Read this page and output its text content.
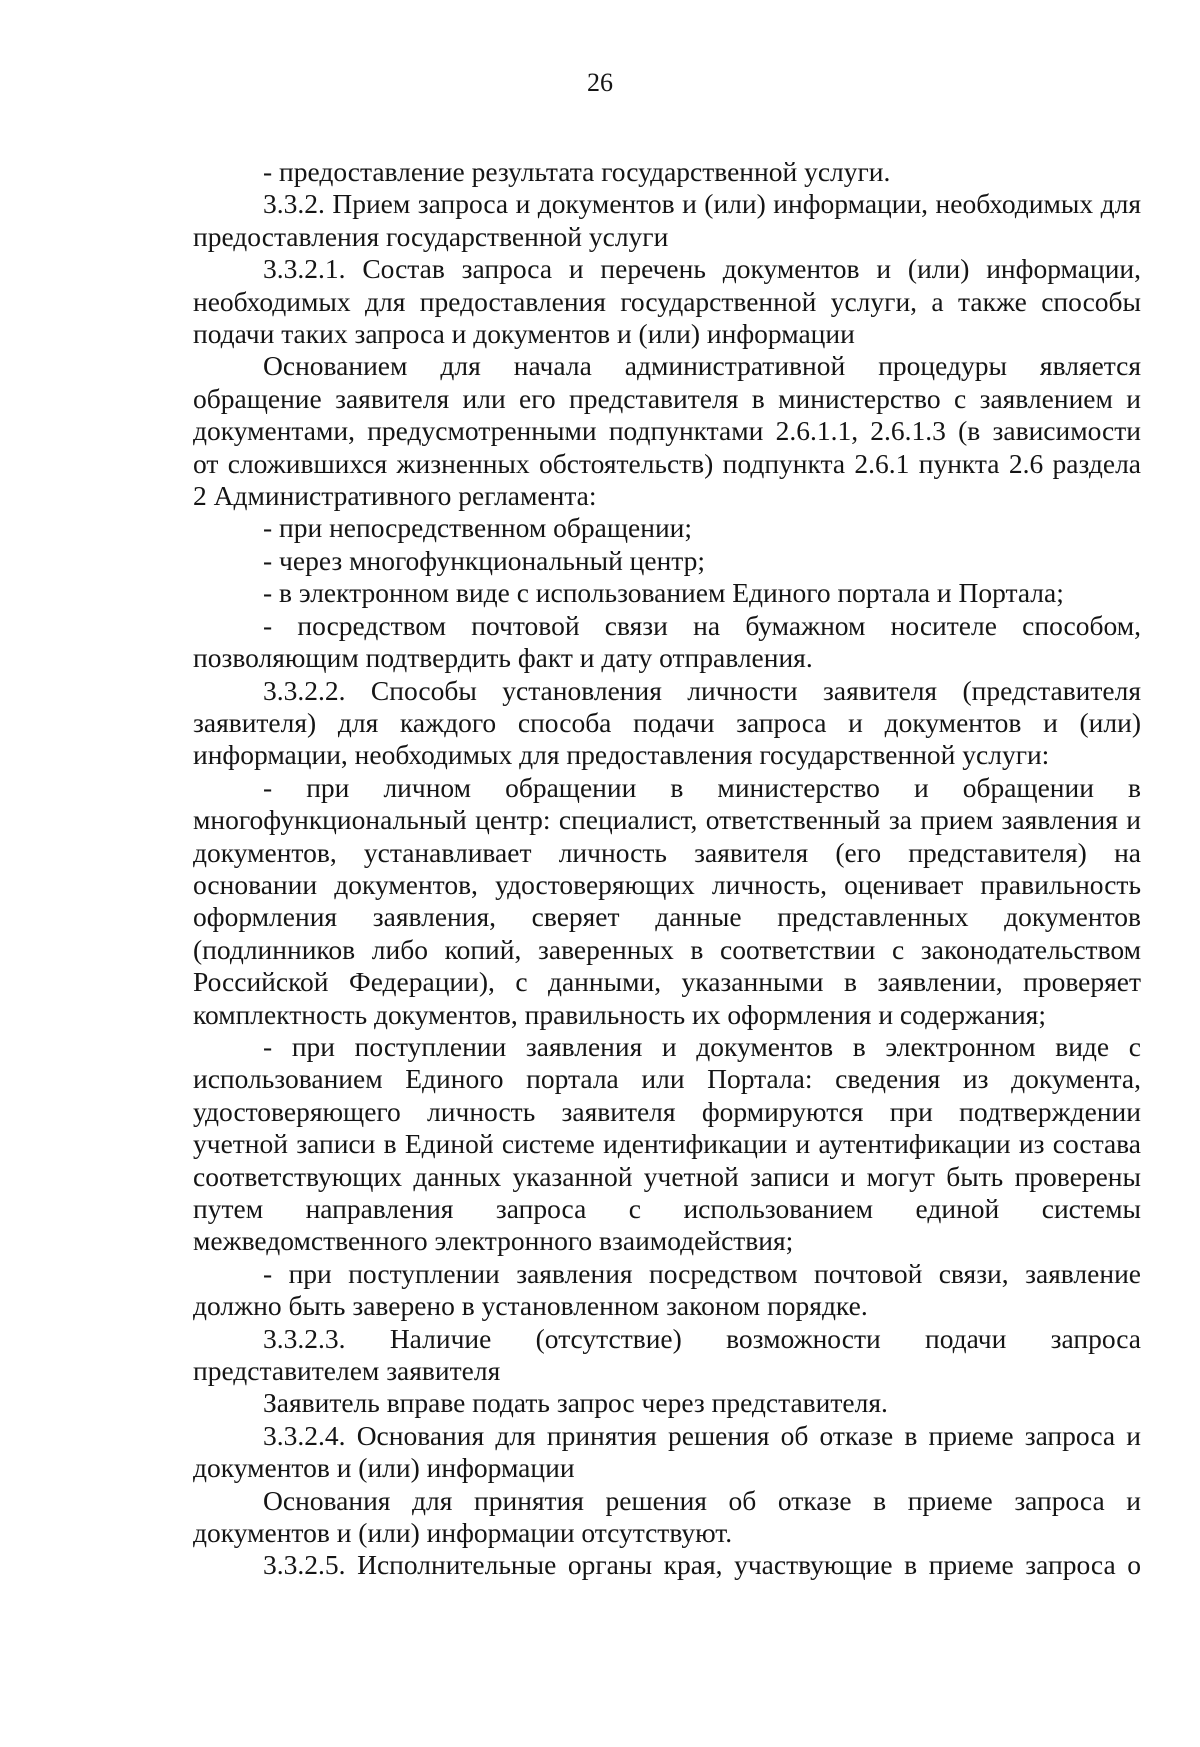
26

- предоставление результата государственной услуги.

3.3.2. Прием запроса и документов и (или) информации, необходимых для предоставления государственной услуги

3.3.2.1. Состав запроса и перечень документов и (или) информации, необходимых для предоставления государственной услуги, а также способы подачи таких запроса и документов и (или) информации

Основанием для начала административной процедуры является обращение заявителя или его представителя в министерство с заявлением и документами, предусмотренными подпунктами 2.6.1.1, 2.6.1.3 (в зависимости от сложившихся жизненных обстоятельств) подпункта 2.6.1 пункта 2.6 раздела 2 Административного регламента:

- при непосредственном обращении;

- через многофункциональный центр;

- в электронном виде с использованием Единого портала и Портала;

- посредством почтовой связи на бумажном носителе способом, позволяющим подтвердить факт и дату отправления.

3.3.2.2. Способы установления личности заявителя (представителя заявителя) для каждого способа подачи запроса и документов и (или) информации, необходимых для предоставления государственной услуги:

- при личном обращении в министерство и обращении в многофункциональный центр: специалист, ответственный за прием заявления и документов, устанавливает личность заявителя (его представителя) на основании документов, удостоверяющих личность, оценивает правильность оформления заявления, сверяет данные представленных документов (подлинников либо копий, заверенных в соответствии с законодательством Российской Федерации), с данными, указанными в заявлении, проверяет комплектность документов, правильность их оформления и содержания;

- при поступлении заявления и документов в электронном виде с использованием Единого портала или Портала: сведения из документа, удостоверяющего личность заявителя формируются при подтверждении учетной записи в Единой системе идентификации и аутентификации из состава соответствующих данных указанной учетной записи и могут быть проверены путем направления запроса с использованием единой системы межведомственного электронного взаимодействия;

- при поступлении заявления посредством почтовой связи, заявление должно быть заверено в установленном законом порядке.

3.3.2.3. Наличие (отсутствие) возможности подачи запроса представителем заявителя

Заявитель вправе подать запрос через представителя.

3.3.2.4. Основания для принятия решения об отказе в приеме запроса и документов и (или) информации

Основания для принятия решения об отказе в приеме запроса и документов и (или) информации отсутствуют.

3.3.2.5. Исполнительные органы края, участвующие в приеме запроса о
